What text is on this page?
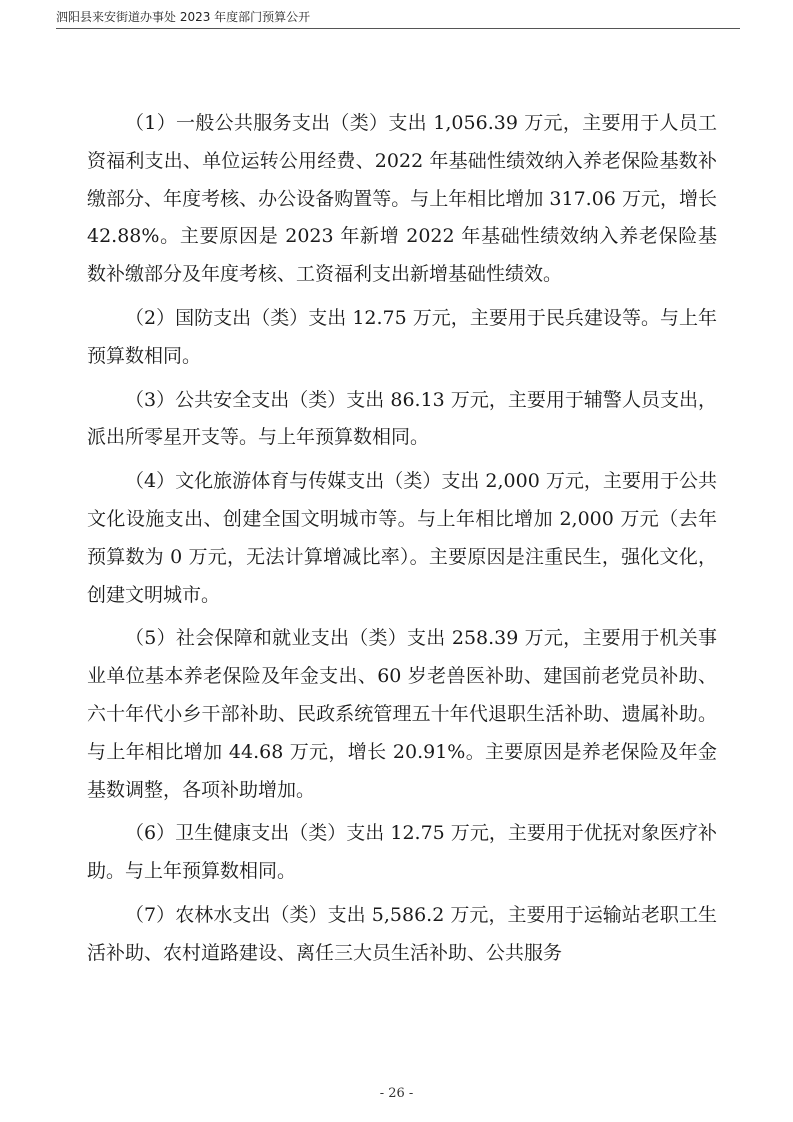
泗阳县来安街道办事处 2023 年度部门预算公开

（1）一般公共服务支出（类）支出 1,056.39 万元，主要用于人员工资福利支出、单位运转公用经费、2022 年基础性绩效纳入养老保险基数补缴部分、年度考核、办公设备购置等。与上年相比增加 317.06 万元，增长 42.88%。主要原因是 2023 年新增 2022 年基础性绩效纳入养老保险基数补缴部分及年度考核、工资福利支出新增基础性绩效。

（2）国防支出（类）支出 12.75 万元，主要用于民兵建设等。与上年预算数相同。

（3）公共安全支出（类）支出 86.13 万元，主要用于辅警人员支出，派出所零星开支等。与上年预算数相同。

（4）文化旅游体育与传媒支出（类）支出 2,000 万元，主要用于公共文化设施支出、创建全国文明城市等。与上年相比增加 2,000 万元（去年预算数为 0 万元，无法计算增减比率）。主要原因是注重民生，强化文化，创建文明城市。

（5）社会保障和就业支出（类）支出 258.39 万元，主要用于机关事业单位基本养老保险及年金支出、60 岁老兽医补助、建国前老党员补助、六十年代小乡干部补助、民政系统管理五十年代退职生活补助、遗属补助。与上年相比增加 44.68 万元，增长 20.91%。主要原因是养老保险及年金基数调整，各项补助增加。

（6）卫生健康支出（类）支出 12.75 万元，主要用于优抚对象医疗补助。与上年预算数相同。

（7）农林水支出（类）支出 5,586.2 万元，主要用于运输站老职工生活补助、农村道路建设、离任三大员生活补助、公共服务

- 26 -
